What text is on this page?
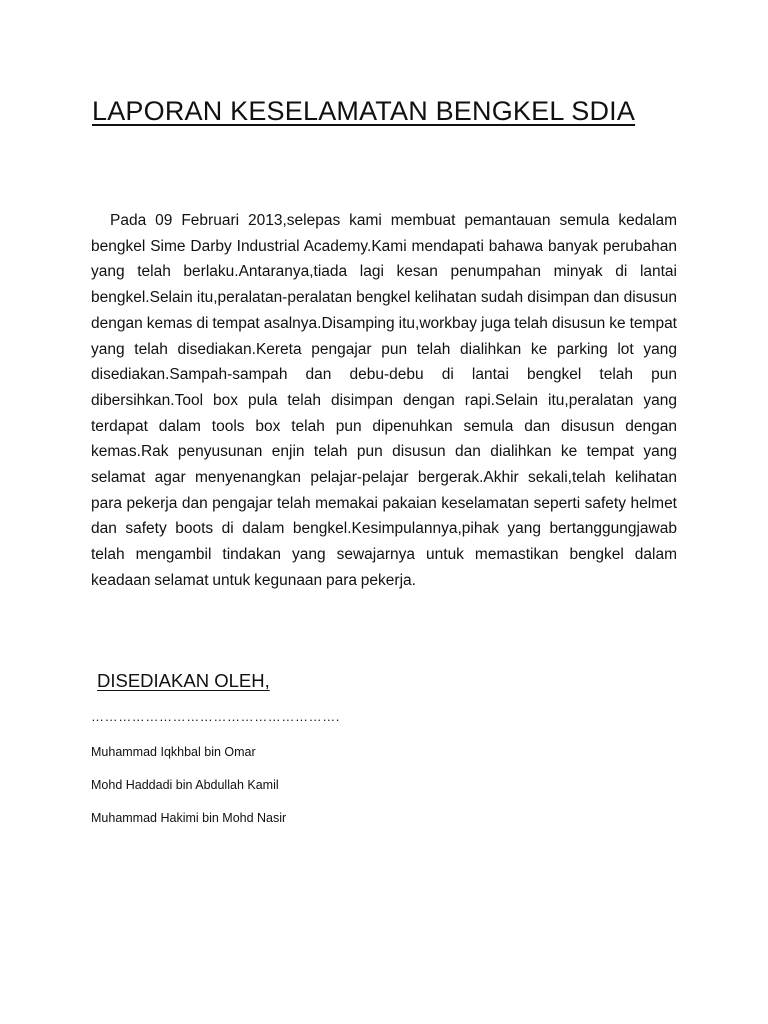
LAPORAN KESELAMATAN BENGKEL SDIA

Pada 09 Februari 2013,selepas kami membuat pemantauan semula kedalam bengkel Sime Darby Industrial Academy.Kami mendapati bahawa banyak perubahan yang telah berlaku.Antaranya,tiada lagi kesan penumpahan minyak di lantai bengkel.Selain itu,peralatan-peralatan bengkel kelihatan sudah disimpan dan disusun dengan kemas di tempat asalnya.Disamping itu,workbay juga telah disusun ke tempat yang telah disediakan.Kereta pengajar pun telah dialihkan ke parking lot yang disediakan.Sampah-sampah dan debu-debu di lantai bengkel telah pun dibersihkan.Tool box pula telah disimpan dengan rapi.Selain itu,peralatan yang terdapat dalam tools box telah pun dipenuhkan semula dan disusun dengan kemas.Rak penyusunan enjin telah pun disusun dan dialihkan ke tempat yang selamat agar menyenangkan pelajar-pelajar bergerak.Akhir sekali,telah kelihatan para pekerja dan pengajar telah memakai pakaian keselamatan seperti safety helmet dan safety boots di dalam bengkel.Kesimpulannya,pihak yang bertanggungjawab telah mengambil tindakan yang sewajarnya untuk memastikan bengkel dalam keadaan selamat untuk kegunaan para pekerja.

DISEDIAKAN OLEH,
……………………………………………….
Muhammad Iqkhbal bin Omar
Mohd Haddadi bin Abdullah Kamil
Muhammad Hakimi bin Mohd Nasir
